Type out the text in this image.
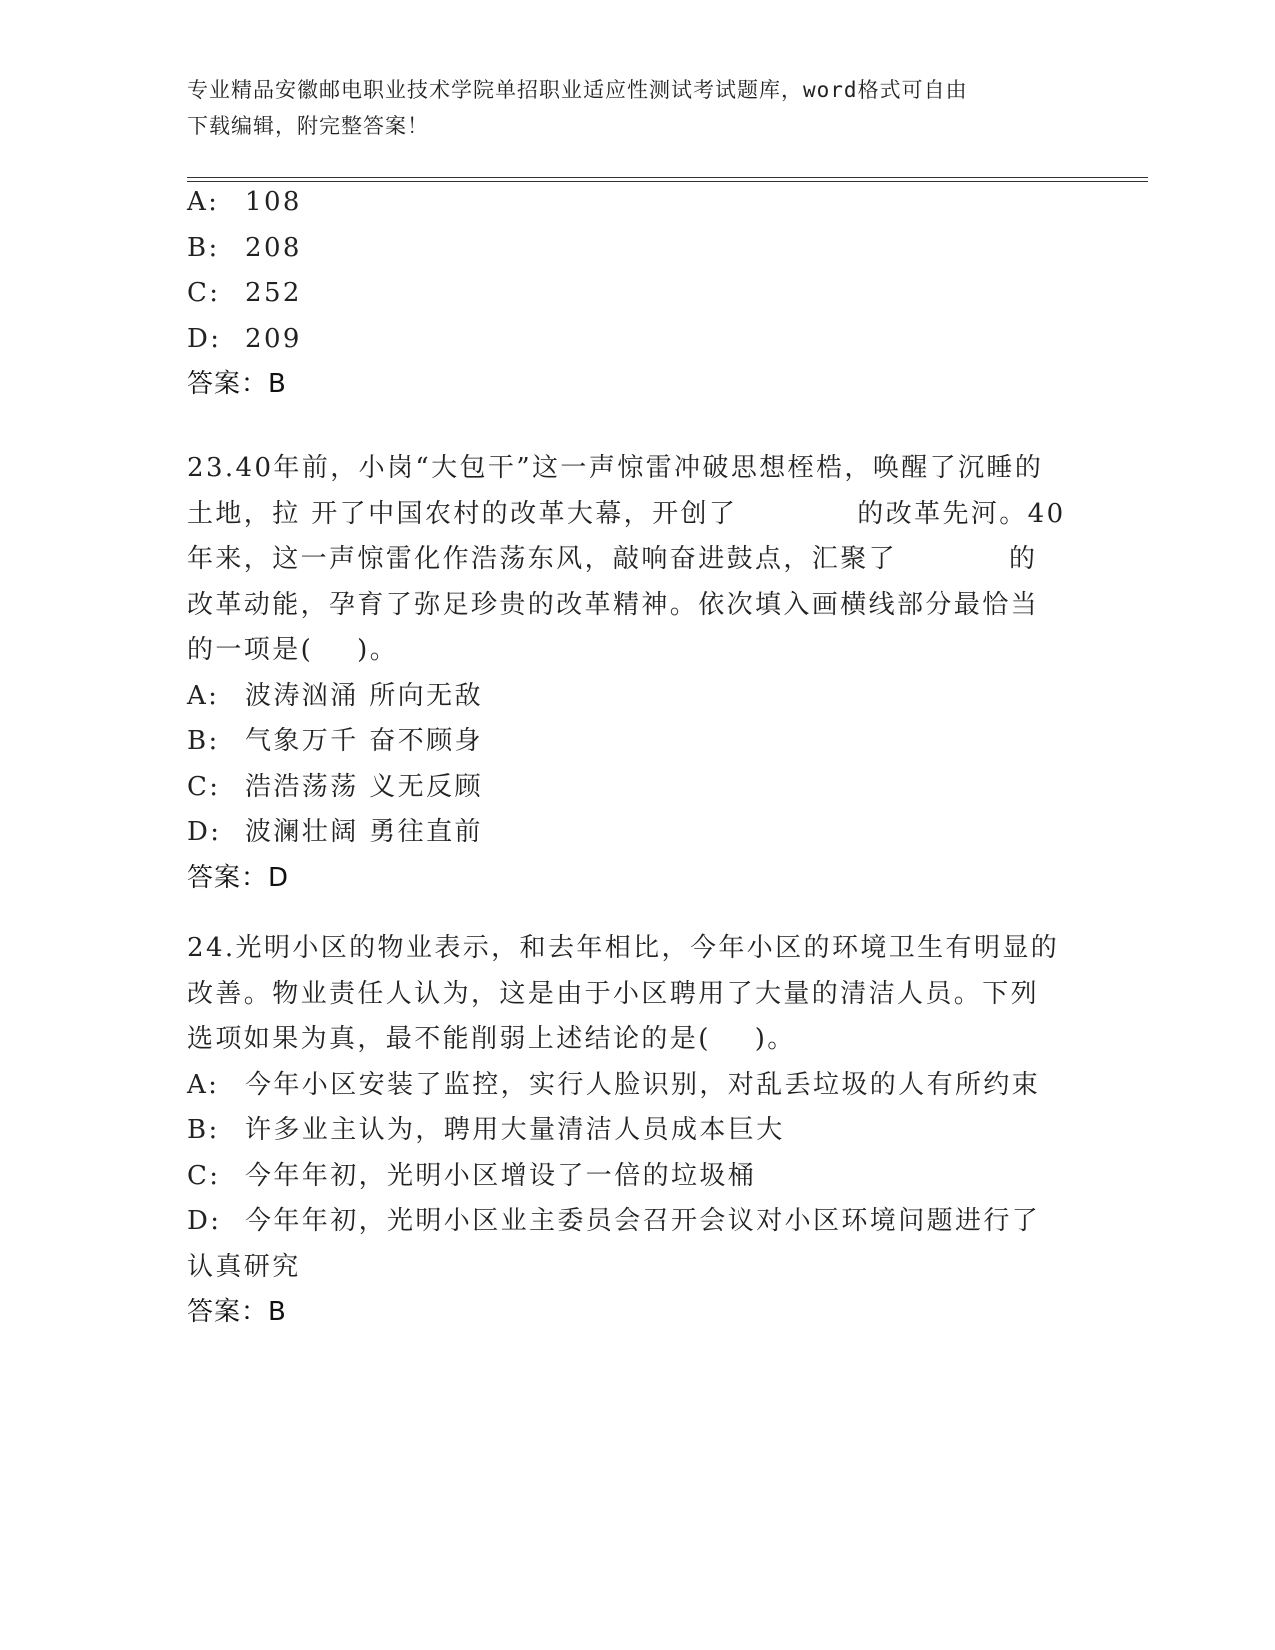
专业精品安徽邮电职业技术学院单招职业适应性测试考试题库，word格式可自由
下载编辑，附完整答案！
A: 108
B: 208
C: 252
D: 209
答案：B
23.40年前，小岗“大包干”这一声惊雷冲破思想桎梏，唤醒了沉睡的
土地，拉 开了中国农村的改革大幕，开创了	的改革先河。40
年来，这一声惊雷化作浩荡东风，敲响奋进鼓点，汇聚了	的
改革动能，孕育了弥足珍贵的改革精神。依次填入画横线部分最恰当
的一项是( )。
A: 波涛汹涌 所向无敌
B: 气象万千 奋不顾身
C: 浩浩荡荡 义无反顾
D: 波澜壮阔 勇往直前
答案：D
24.光明小区的物业表示，和去年相比，今年小区的环境卫生有明显的
改善。物业责任人认为，这是由于小区聘用了大量的清洁人员。下列
选项如果为真，最不能削弱上述结论的是( )。
A: 今年小区安装了监控，实行人脸识别，对乱丢垃圾的人有所约束
B: 许多业主认为，聘用大量清洁人员成本巨大
C: 今年年初，光明小区增设了一倍的垃圾桶
D: 今年年初，光明小区业主委员会召开会议对小区环境问题进行了
认真研究
答案：B
